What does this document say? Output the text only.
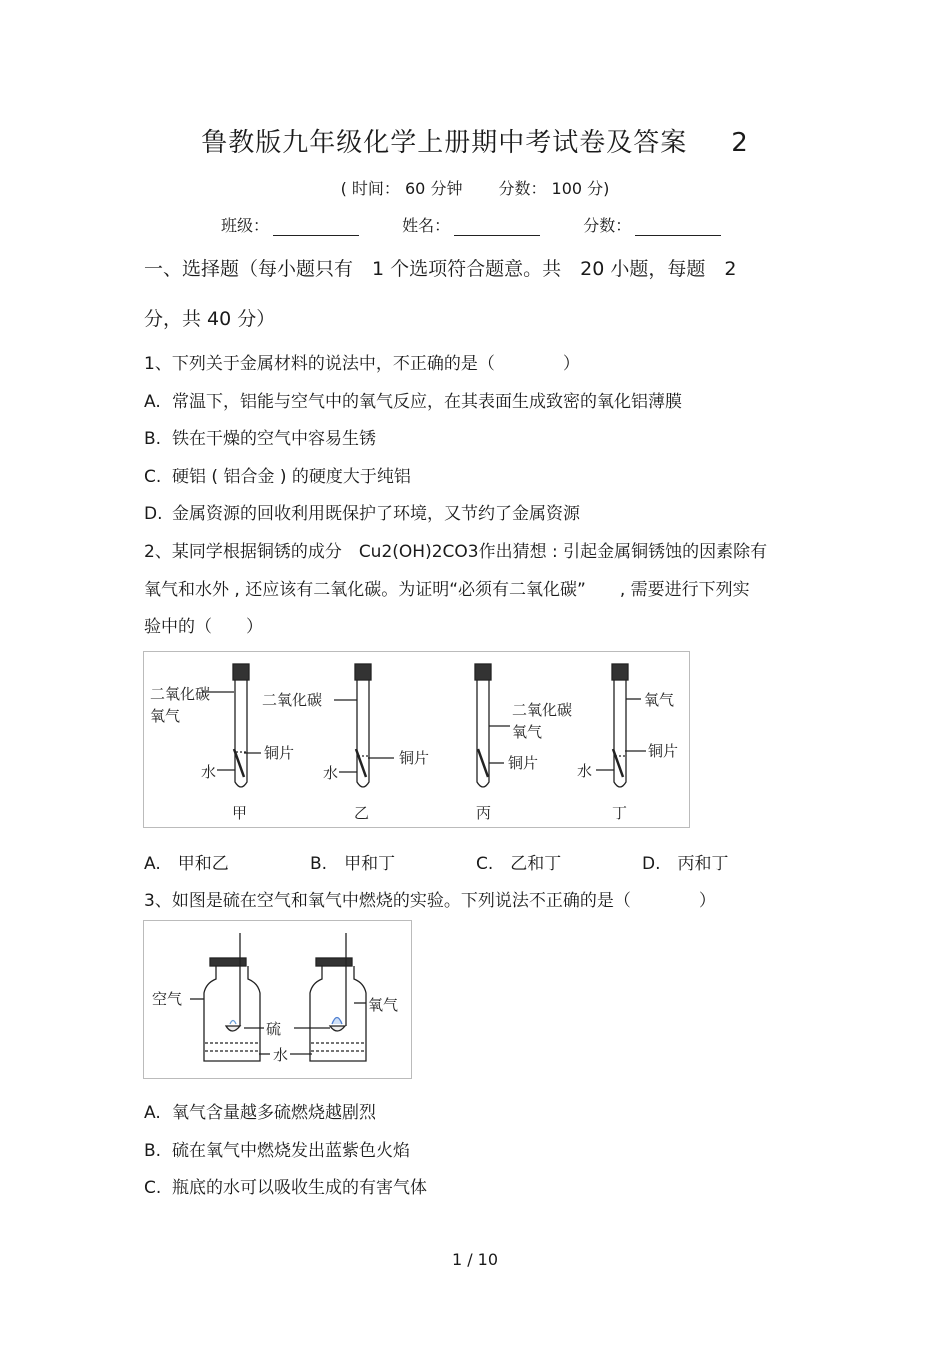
鲁教版九年级化学上册期中考试卷及答案 2
( 时间： 60 分钟 分数： 100 分)
班级：	姓名：	分数：
一、选择题（每小题只有　1 个选项符合题意。共　20 小题，每题　2
分，共 40 分）
1、下列关于金属材料的说法中，不正确的是（　　　　）
A. 常温下，铝能与空气中的氧气反应，在其表面生成致密的氧化铝薄膜
B. 铁在干燥的空气中容易生锈
C. 硬铝 ( 铝合金 ) 的硬度大于纯铝
D. 金属资源的回收利用既保护了环境，又节约了金属资源
2、某同学根据铜锈的成分　Cu2(OH)2CO3作出猜想 : 引起金属铜锈蚀的因素除有
氧气和水外 , 还应该有二氧化碳。为证明“必须有二氧化碳”　　, 需要进行下列实
验中的（　　）
二氧化碳
氧气
水
铜片
二氧化碳
铜片
水
二氧化碳
氧气
铜片
氧气
铜片
水
甲	乙	丙	丁
A.　甲和乙	B.　甲和丁	C.　乙和丁	D.　丙和丁
3、如图是硫在空气和氧气中燃烧的实验。下列说法不正确的是（　　　　）
空气	氧气
硫
水
A. 氧气含量越多硫燃烧越剧烈
B. 硫在氧气中燃烧发出蓝紫色火焰
C. 瓶底的水可以吸收生成的有害气体
1 / 10
